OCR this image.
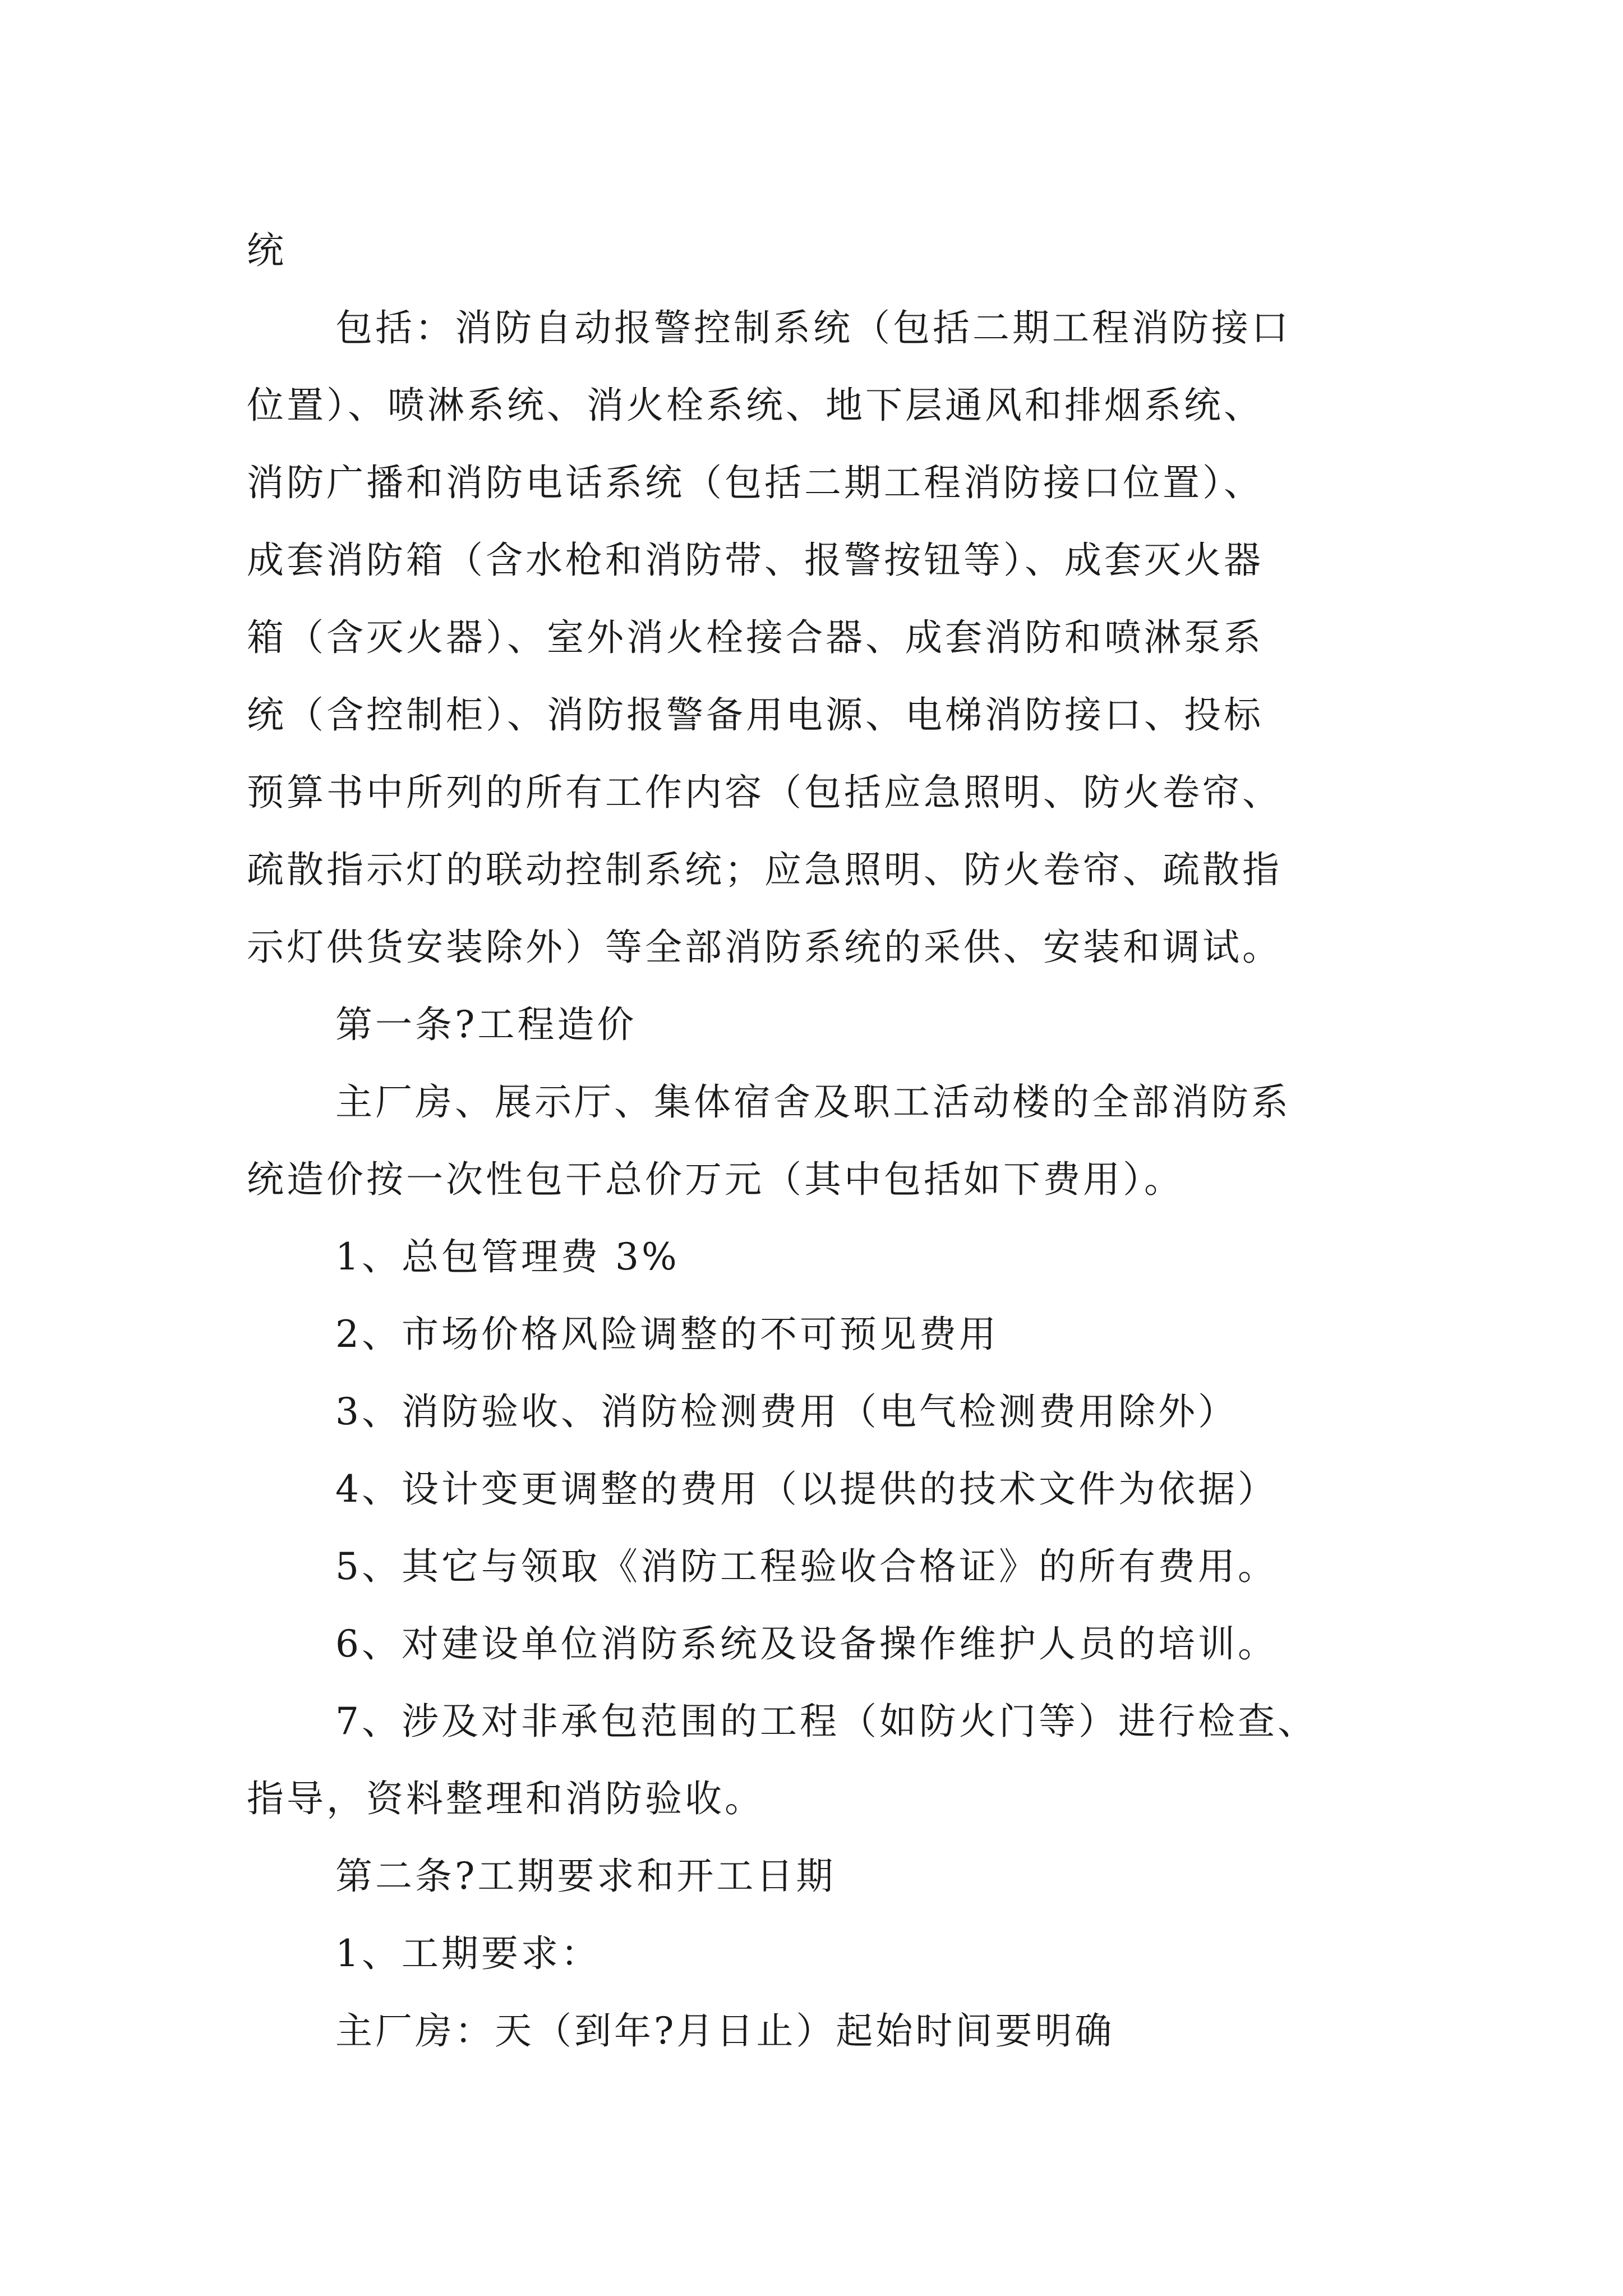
统

包括：消防自动报警控制系统（包括二期工程消防接口

位置）、喷淋系统、消火栓系统、地下层通风和排烟系统、

消防广播和消防电话系统（包括二期工程消防接口位置）、

成套消防箱（含水枪和消防带、报警按钮等）、成套灭火器

箱（含灭火器）、室外消火栓接合器、成套消防和喷淋泵系

统（含控制柜）、消防报警备用电源、电梯消防接口、投标

预算书中所列的所有工作内容（包括应急照明、防火卷帘、

疏散指示灯的联动控制系统；应急照明、防火卷帘、疏散指

示灯供货安装除外）等全部消防系统的采供、安装和调试。

第一条?工程造价

主厂房、展示厅、集体宿舍及职工活动楼的全部消防系

统造价按一次性包干总价万元（其中包括如下费用）。

1、总包管理费 3%

2、市场价格风险调整的不可预见费用

3、消防验收、消防检测费用（电气检测费用除外）

4、设计变更调整的费用（以提供的技术文件为依据）

5、其它与领取《消防工程验收合格证》的所有费用。

6、对建设单位消防系统及设备操作维护人员的培训。

7、涉及对非承包范围的工程（如防火门等）进行检查、

指导，资料整理和消防验收。

第二条?工期要求和开工日期

1、工期要求：

主厂房：天（到年?月日止）起始时间要明确
